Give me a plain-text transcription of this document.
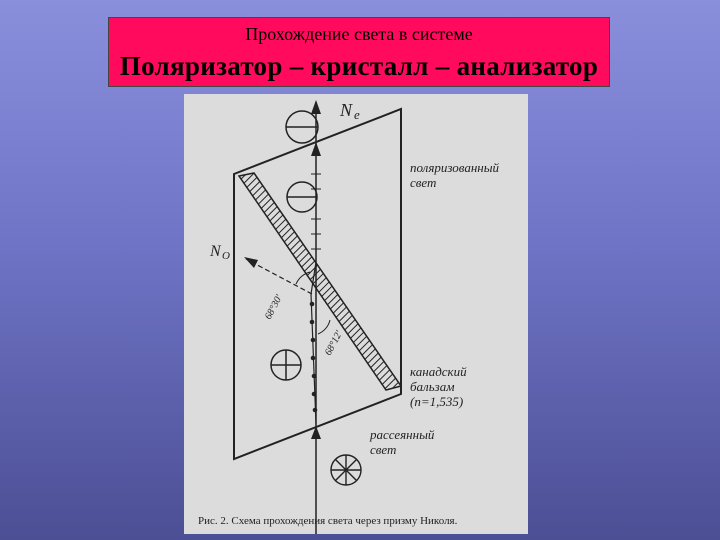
Прохождение света в системе
Поляризатор – кристалл – анализатор
N e
N O
поляризованный
свет
68°30'
68°12'
канадский
бальзам
(n=1,535)
рассеянный
свет
Рис. 2. Схема прохождения света через призму Николя.
